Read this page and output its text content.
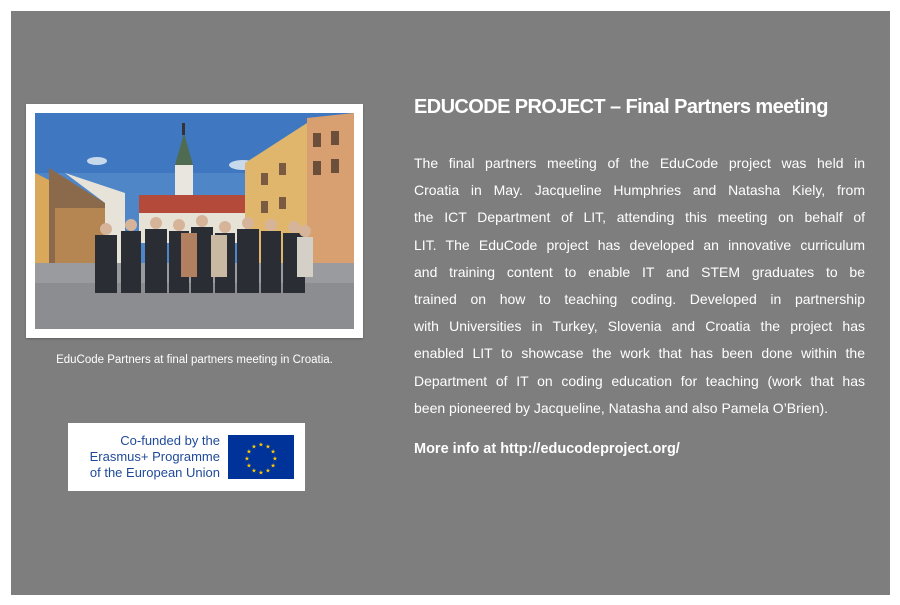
EduCode Partners at final partners meeting in Croatia.
Co-funded by the
Erasmus+ Programme
of the European Union
★ ★
★
★
★
★
★
★
★
★
★
★
EDUCODE PROJECT – Final Partners meeting
The final partners meeting of the EduCode project was held in
Croatia in May. Jacqueline Humphries and Natasha Kiely, from
the ICT Department of LIT, attending this meeting on behalf of
LIT. The EduCode project has developed an innovative curriculum
and training content to enable IT and STEM graduates to be
trained on how to teaching coding. Developed in partnership
with Universities in Turkey, Slovenia and Croatia the project has
enabled LIT to showcase the work that has been done within the
Department of IT on coding education for teaching (work that has
been pioneered by Jacqueline, Natasha and also Pamela O’Brien).
More info at http://educodeproject.org/
